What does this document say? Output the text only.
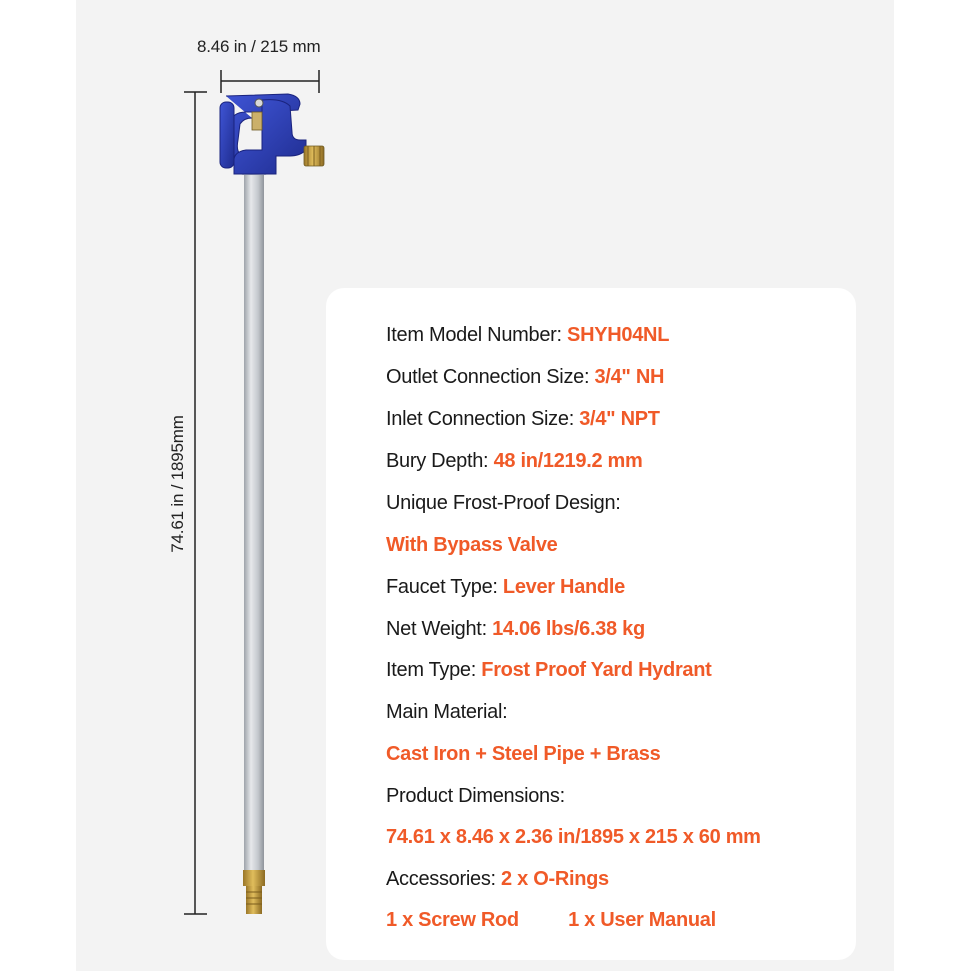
8.46 in / 215 mm
74.61 in / 1895mm
Item Model Number: SHYH04NL
Outlet Connection Size: 3/4" NH
Inlet Connection Size: 3/4" NPT
Bury Depth: 48 in/1219.2 mm
Unique Frost-Proof Design:
With Bypass Valve
Faucet Type: Lever Handle
Net Weight: 14.06 lbs/6.38 kg
Item Type: Frost Proof Yard Hydrant
Main Material:
Cast Iron + Steel Pipe + Brass
Product Dimensions:
74.61 x 8.46 x 2.36 in/1895 x 215 x 60 mm
Accessories: 2 x O-Rings
1 x Screw Rod 1 x User Manual
